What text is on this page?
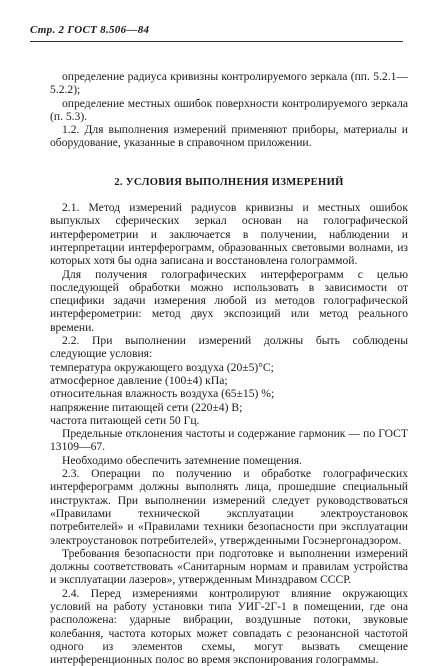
Стр. 2 ГОСТ 8.506—84

определение радиуса кривизны контролируемого зеркала (пп. 5.2.1—5.2.2);

определение местных ошибок поверхности контролируемого зеркала (п. 5.3).

1.2. Для выполнения измерений применяют приборы, материалы и оборудование, указанные в справочном приложении.

2. УСЛОВИЯ ВЫПОЛНЕНИЯ ИЗМЕРЕНИЙ

2.1. Метод измерений радиусов кривизны и местных ошибок выпуклых сферических зеркал основан на голографической интерферометрии и заключается в получении, наблюдении и интерпретации интерферограмм, образованных световыми волнами, из которых хотя бы одна записана и восстановлена голограммой.

Для получения голографических интерферограмм с целью последующей обработки можно использовать в зависимости от специфики задачи измерения любой из методов голографической интерферометрии: метод двух экспозиций или метод реального времени.

2.2. При выполнении измерений должны быть соблюдены следующие условия:

температура окружающего воздуха (20±5)°С;

атмосферное давление (100±4) кПа;

относительная влажность воздуха (65±15) %;

напряжение питающей сети (220±4) В;

частота питающей сети 50 Гц.

Предельные отклонения частоты и содержание гармоник — по ГОСТ 13109—67.

Необходимо обеспечить затемнение помещения.

2.3. Операции по получению и обработке голографических интерферограмм должны выполнять лица, прошедшие специальный инструктаж. При выполнении измерений следует руководствоваться «Правилами технической эксплуатации электроустановок потребителей» и «Правилами техники безопасности при эксплуатации электроустановок потребителей», утвержденными Госэнергонадзором.

Требования безопасности при подготовке и выполнении измерений должны соответствовать «Санитарным нормам и правилам устройства и эксплуатации лазеров», утвержденным Минздравом СССР.

2.4. Перед измерениями контролируют влияние окружающих условий на работу установки типа УИГ-2Г-1 в помещении, где она расположена: ударные вибрации, воздушные потоки, звуковые колебания, частота которых может совпадать с резонансной частотой одного из элементов схемы, могут вызвать смещение интерференционных полос во время экспонирования голограммы.
